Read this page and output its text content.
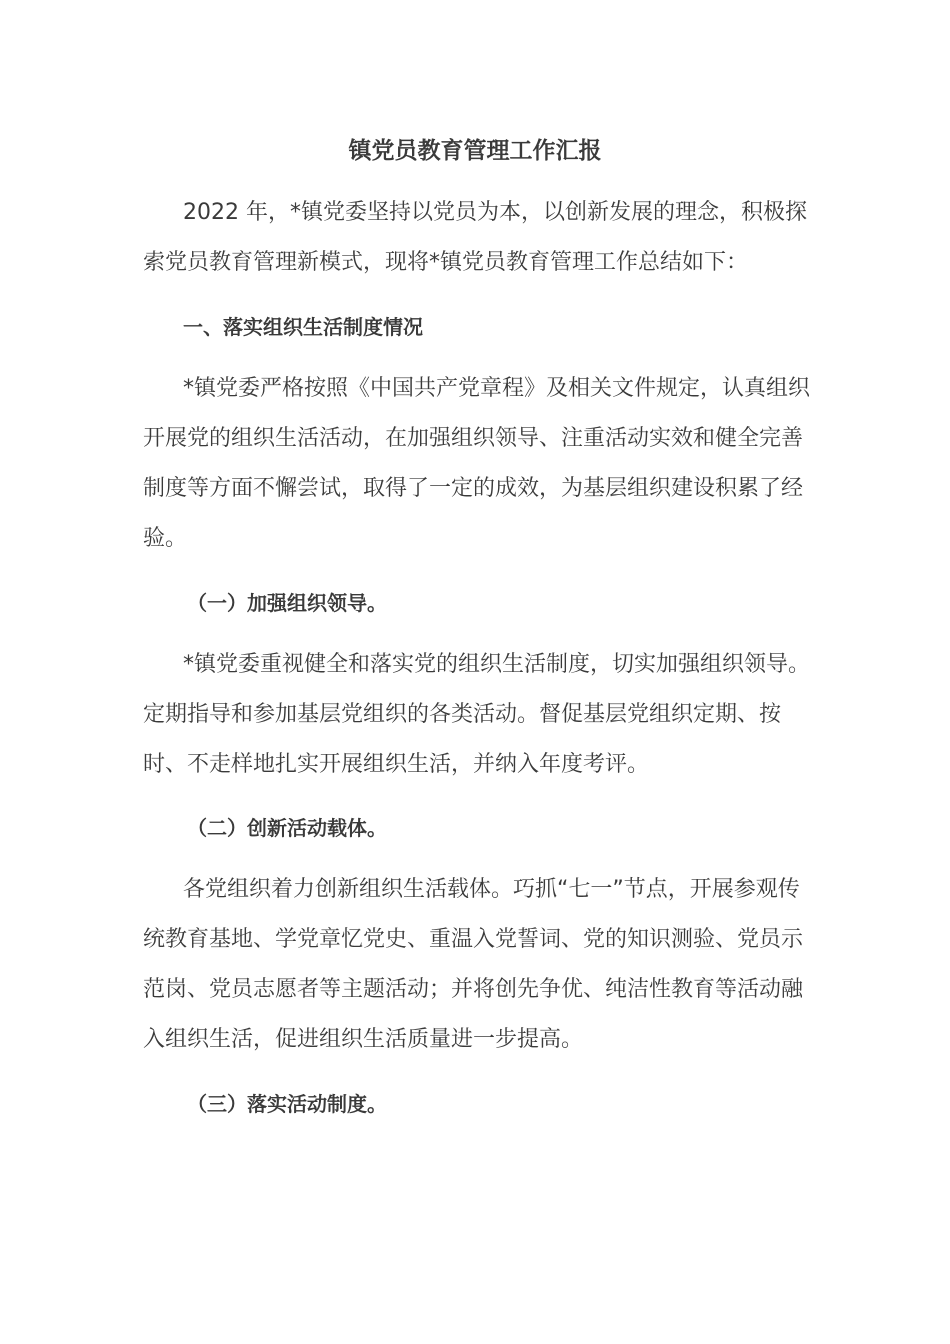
镇党员教育管理工作汇报

2022 年，*镇党委坚持以党员为本，以创新发展的理念，积极探索党员教育管理新模式，现将*镇党员教育管理工作总结如下：

一、落实组织生活制度情况

*镇党委严格按照《中国共产党章程》及相关文件规定，认真组织开展党的组织生活活动，在加强组织领导、注重活动实效和健全完善制度等方面不懈尝试，取得了一定的成效，为基层组织建设积累了经验。

（一）加强组织领导。

*镇党委重视健全和落实党的组织生活制度，切实加强组织领导。定期指导和参加基层党组织的各类活动。督促基层党组织定期、按时、不走样地扎实开展组织生活，并纳入年度考评。

（二）创新活动载体。

各党组织着力创新组织生活载体。巧抓“七一”节点，开展参观传统教育基地、学党章忆党史、重温入党誓词、党的知识测验、党员示范岗、党员志愿者等主题活动；并将创先争优、纯洁性教育等活动融入组织生活，促进组织生活质量进一步提高。

（三）落实活动制度。
